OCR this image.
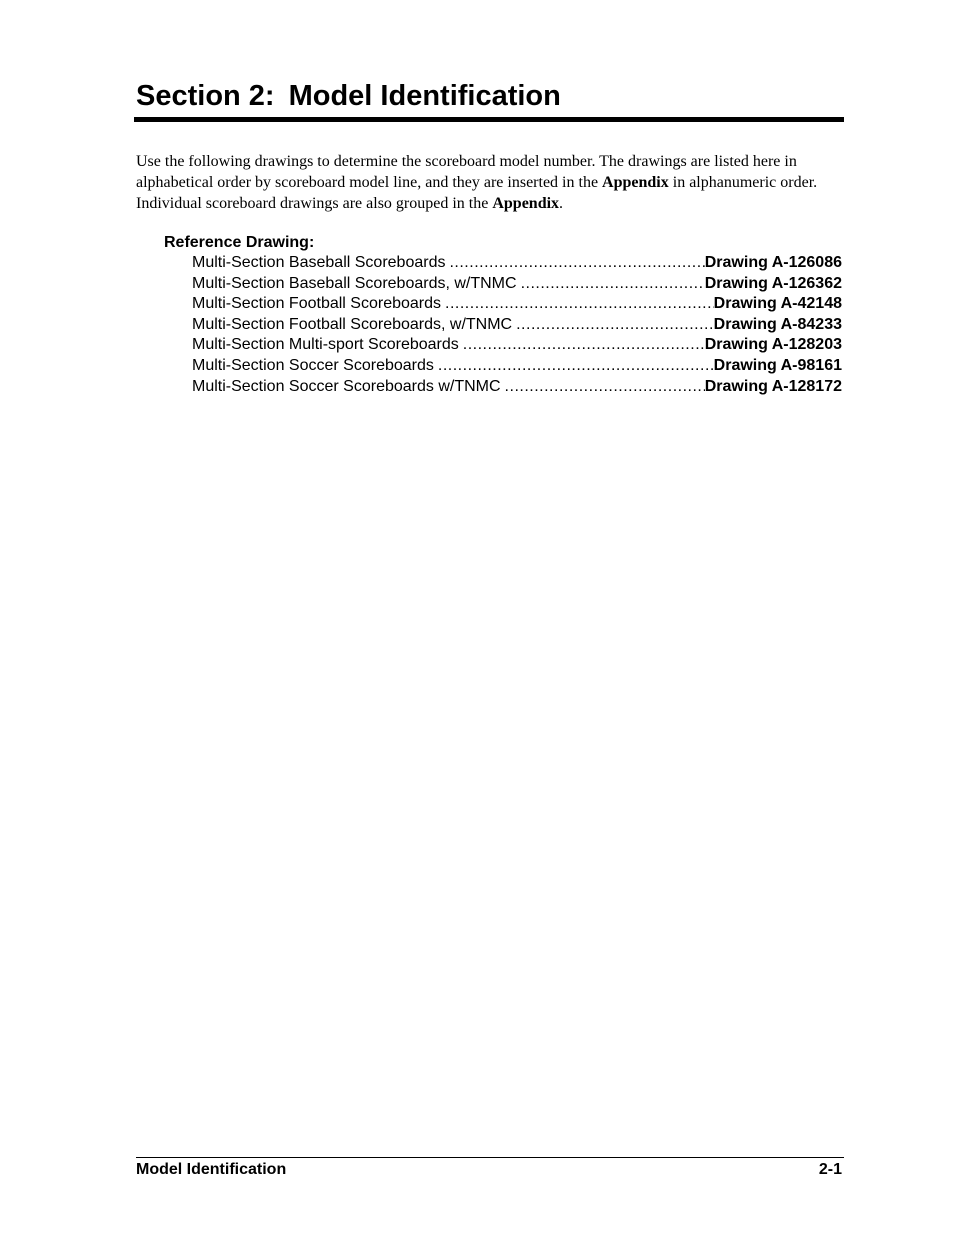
Section 2: Model Identification

Use the following drawings to determine the scoreboard model number. The drawings are listed here in alphabetical order by scoreboard model line, and they are inserted in the Appendix in alphanumeric order. Individual scoreboard drawings are also grouped in the Appendix.

Reference Drawing:
Multi-Section Baseball Scoreboards .....	Drawing A-126086
Multi-Section Baseball Scoreboards, w/TNMC .....	Drawing A-126362
Multi-Section Football Scoreboards .....	Drawing A-42148
Multi-Section Football Scoreboards, w/TNMC .....	Drawing A-84233
Multi-Section Multi-sport Scoreboards .....	Drawing A-128203
Multi-Section Soccer Scoreboards .....	Drawing A-98161
Multi-Section Soccer Scoreboards w/TNMC .....	Drawing A-128172
Model Identification	2-1
